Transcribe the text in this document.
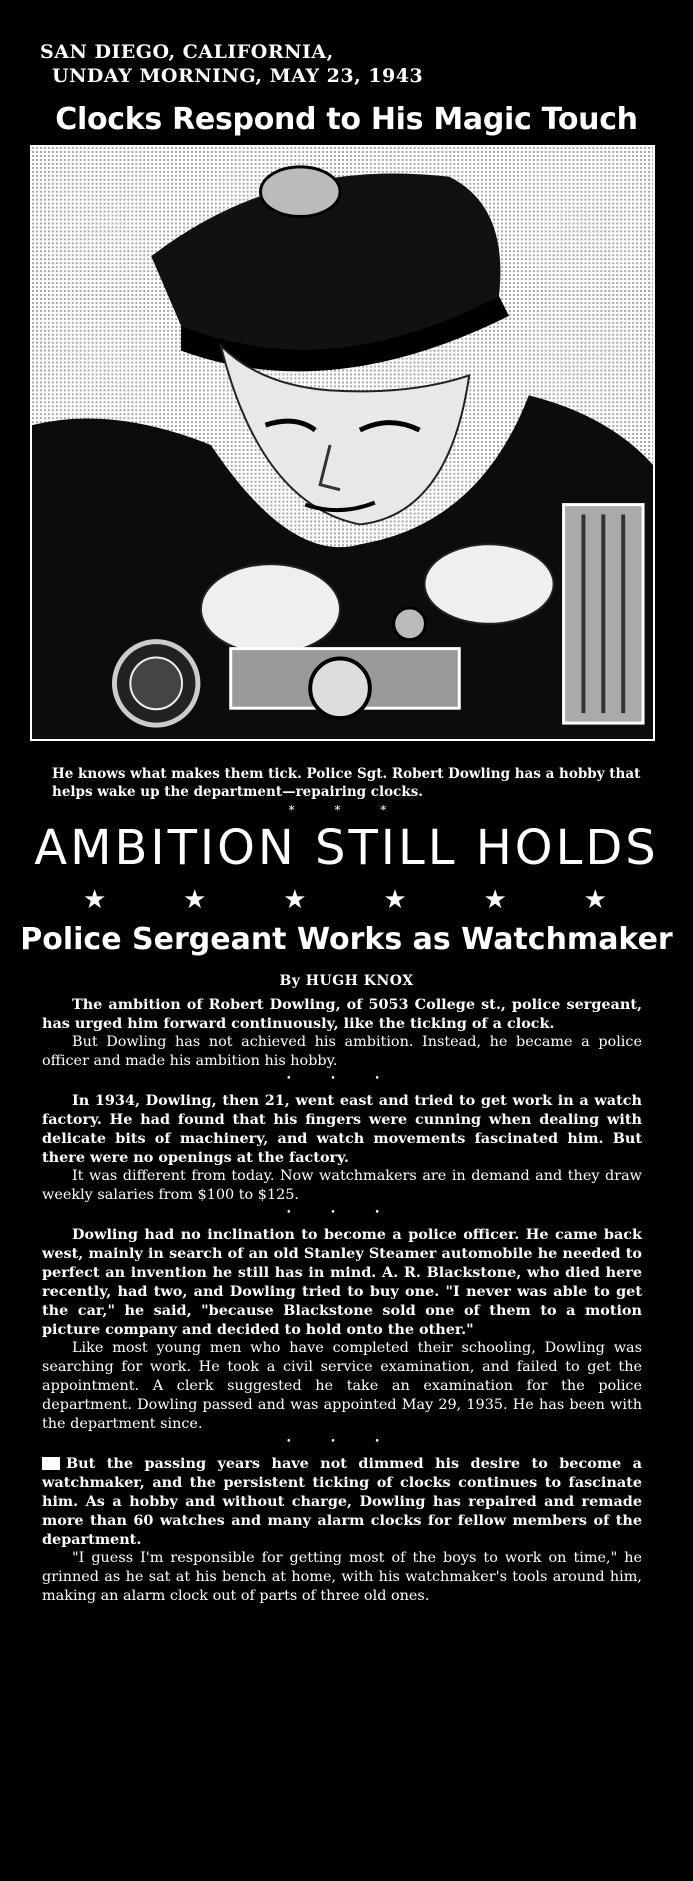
SAN DIEGO, CALIFORNIA,
UNDAY MORNING, MAY 23, 1943
Clocks Respond to His Magic Touch
He knows what makes them tick. Police Sgt. Robert Dowling has a hobby that helps wake up the department—repairing clocks.
* * *
AMBITION STILL HOLDS
★	★	★	★	★	★
Police Sergeant Works as Watchmaker
By HUGH KNOX

The ambition of Robert Dowling, of 5053 College st., police sergeant, has urged him forward continuously, like the ticking of a clock.

But Dowling has not achieved his ambition. Instead, he became a police officer and made his ambition his hobby.

• • •

In 1934, Dowling, then 21, went east and tried to get work in a watch factory. He had found that his fingers were cunning when dealing with delicate bits of machinery, and watch movements fascinated him. But there were no openings at the factory.

It was different from today. Now watchmakers are in demand and they draw weekly salaries from $100 to $125.

• • •

Dowling had no inclination to become a police officer. He came back west, mainly in search of an old Stanley Steamer automobile he needed to perfect an invention he still has in mind. A. R. Blackstone, who died here recently, had two, and Dowling tried to buy one. "I never was able to get the car," he said, "because Blackstone sold one of them to a motion picture company and decided to hold onto the other."

Like most young men who have completed their schooling, Dowling was searching for work. He took a civil service examination, and failed to get the appointment. A clerk suggested he take an examination for the police department. Dowling passed and was appointed May 29, 1935. He has been with the department since.

• • •

But the passing years have not dimmed his desire to become a watchmaker, and the persistent ticking of clocks continues to fascinate him. As a hobby and without charge, Dowling has repaired and remade more than 60 watches and many alarm clocks for fellow members of the department.

"I guess I'm responsible for getting most of the boys to work on time," he grinned as he sat at his bench at home, with his watchmaker's tools around him, making an alarm clock out of parts of three old ones.
